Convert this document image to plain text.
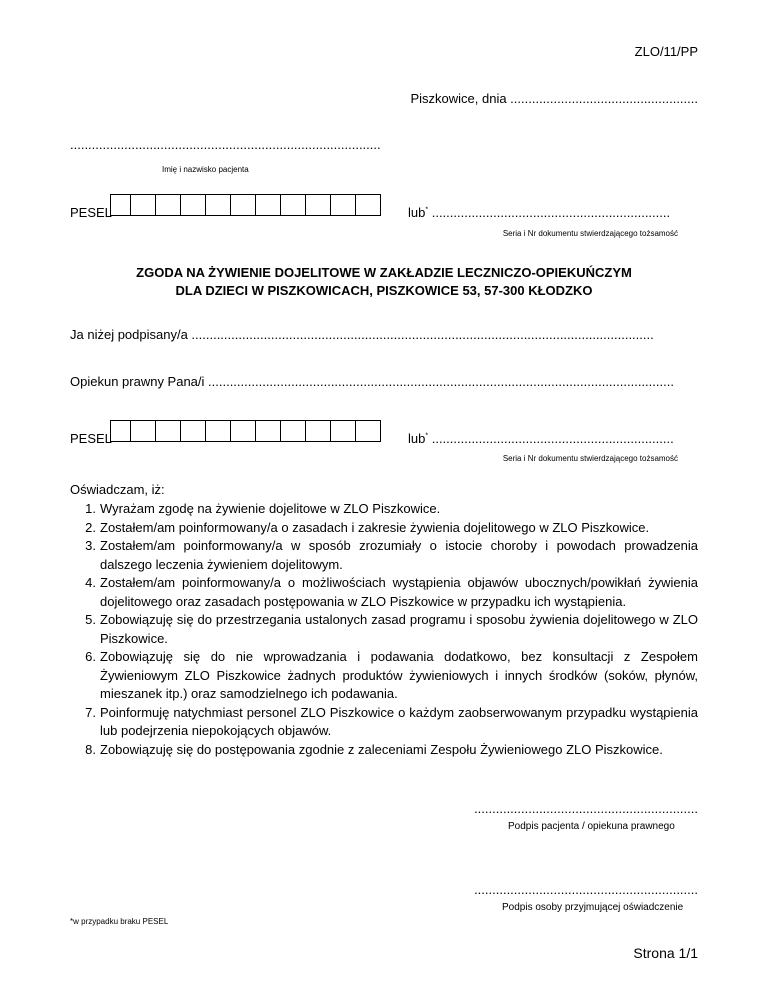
ZLO/11/PP
Piszkowice, dnia ....................................................
......................................................................................
Imię i nazwisko pacjenta
PESEL	lub* ..................................................................
Seria i Nr dokumentu stwierdzającego tożsamość
ZGODA NA ŻYWIENIE DOJELITOWE W ZAKŁADZIE LECZNICZO-OPIEKUŃCZYM
DLA DZIECI W PISZKOWICACH, PISZKOWICE 53, 57-300 KŁODZKO
Ja niżej podpisany/a ................................................................................................................................
Opiekun prawny Pana/i .................................................................................................................................
PESEL	lub* ...................................................................
Seria i Nr dokumentu stwierdzającego tożsamość
Oświadczam, iż:
1. Wyrażam zgodę na żywienie dojelitowe w ZLO Piszkowice.
2. Zostałem/am poinformowany/a o zasadach i zakresie żywienia dojelitowego w ZLO Piszkowice.
3. Zostałem/am poinformowany/a w sposób zrozumiały o istocie choroby i powodach prowadzenia dalszego leczenia żywieniem dojelitowym.
4. Zostałem/am poinformowany/a o możliwościach wystąpienia objawów ubocznych/powikłań żywienia dojelitowego oraz zasadach postępowania w ZLO Piszkowice w przypadku ich wystąpienia.
5. Zobowiązuję się do przestrzegania ustalonych zasad programu i sposobu żywienia dojelitowego w ZLO Piszkowice.
6. Zobowiązuję się do nie wprowadzania i podawania dodatkowo, bez konsultacji z Zespołem Żywieniowym ZLO Piszkowice żadnych produktów żywieniowych i innych środków (soków, płynów, mieszanek itp.) oraz samodzielnego ich podawania.
7. Poinformuję natychmiast personel ZLO Piszkowice o każdym zaobserwowanym przypadku wystąpienia lub podejrzenia niepokojących objawów.
8. Zobowiązuję się do postępowania zgodnie z zaleceniami Zespołu Żywieniowego ZLO Piszkowice.
..............................................................
Podpis pacjenta / opiekuna prawnego
..............................................................
Podpis osoby przyjmującej oświadczenie
*w przypadku braku PESEL
Strona 1/1
